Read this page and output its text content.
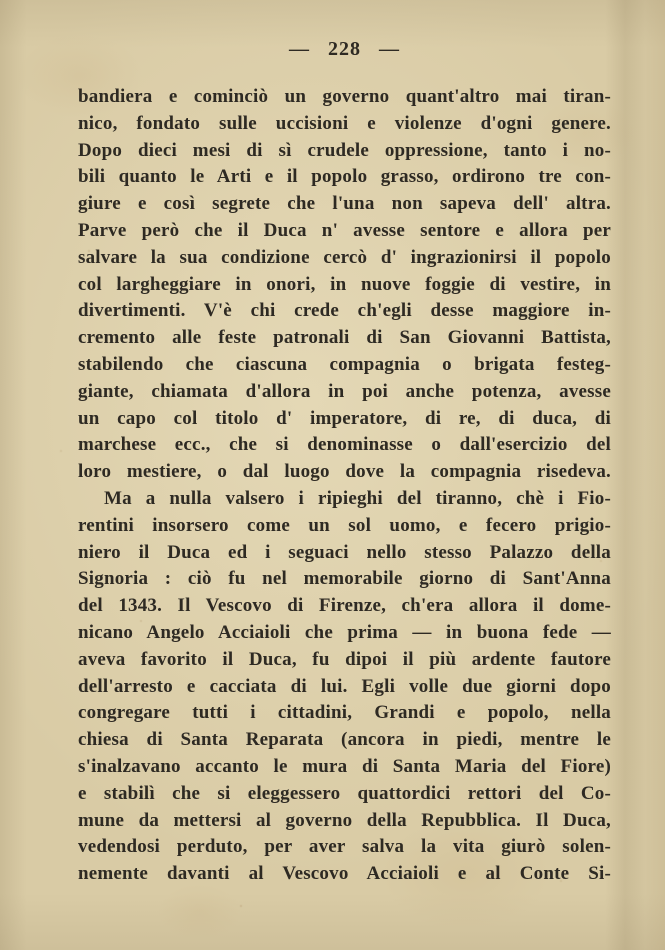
— 228 —
bandiera e cominciò un governo quant'altro mai tiran-
nico, fondato sulle uccisioni e violenze d'ogni genere.
Dopo dieci mesi di sì crudele oppressione, tanto i no-
bili quanto le Arti e il popolo grasso, ordirono tre con-
giure e così segrete che l'una non sapeva dell' altra.
Parve però che il Duca n' avesse sentore e allora per
salvare la sua condizione cercò d' ingrazionirsi il popolo
col largheggiare in onori, in nuove foggie di vestire, in
divertimenti. V'è chi crede ch'egli desse maggiore in-
cremento alle feste patronali di San Giovanni Battista,
stabilendo che ciascuna compagnia o brigata festeg-
giante, chiamata d'allora in poi anche potenza, avesse
un capo col titolo d' imperatore, di re, di duca, di
marchese ecc., che si denominasse o dall'esercizio del
loro mestiere, o dal luogo dove la compagnia risedeva.
Ma a nulla valsero i ripieghi del tiranno, chè i Fio-
rentini insorsero come un sol uomo, e fecero prigio-
niero il Duca ed i seguaci nello stesso Palazzo della
Signoria : ciò fu nel memorabile giorno di Sant'Anna
del 1343. Il Vescovo di Firenze, ch'era allora il dome-
nicano Angelo Acciaioli che prima — in buona fede —
aveva favorito il Duca, fu dipoi il più ardente fautore
dell'arresto e cacciata di lui. Egli volle due giorni dopo
congregare tutti i cittadini, Grandi e popolo, nella
chiesa di Santa Reparata (ancora in piedi, mentre le
s'inalzavano accanto le mura di Santa Maria del Fiore)
e stabilì che si eleggessero quattordici rettori del Co-
mune da mettersi al governo della Repubblica. Il Duca,
vedendosi perduto, per aver salva la vita giurò solen-
nemente davanti al Vescovo Acciaioli e al Conte Si-
